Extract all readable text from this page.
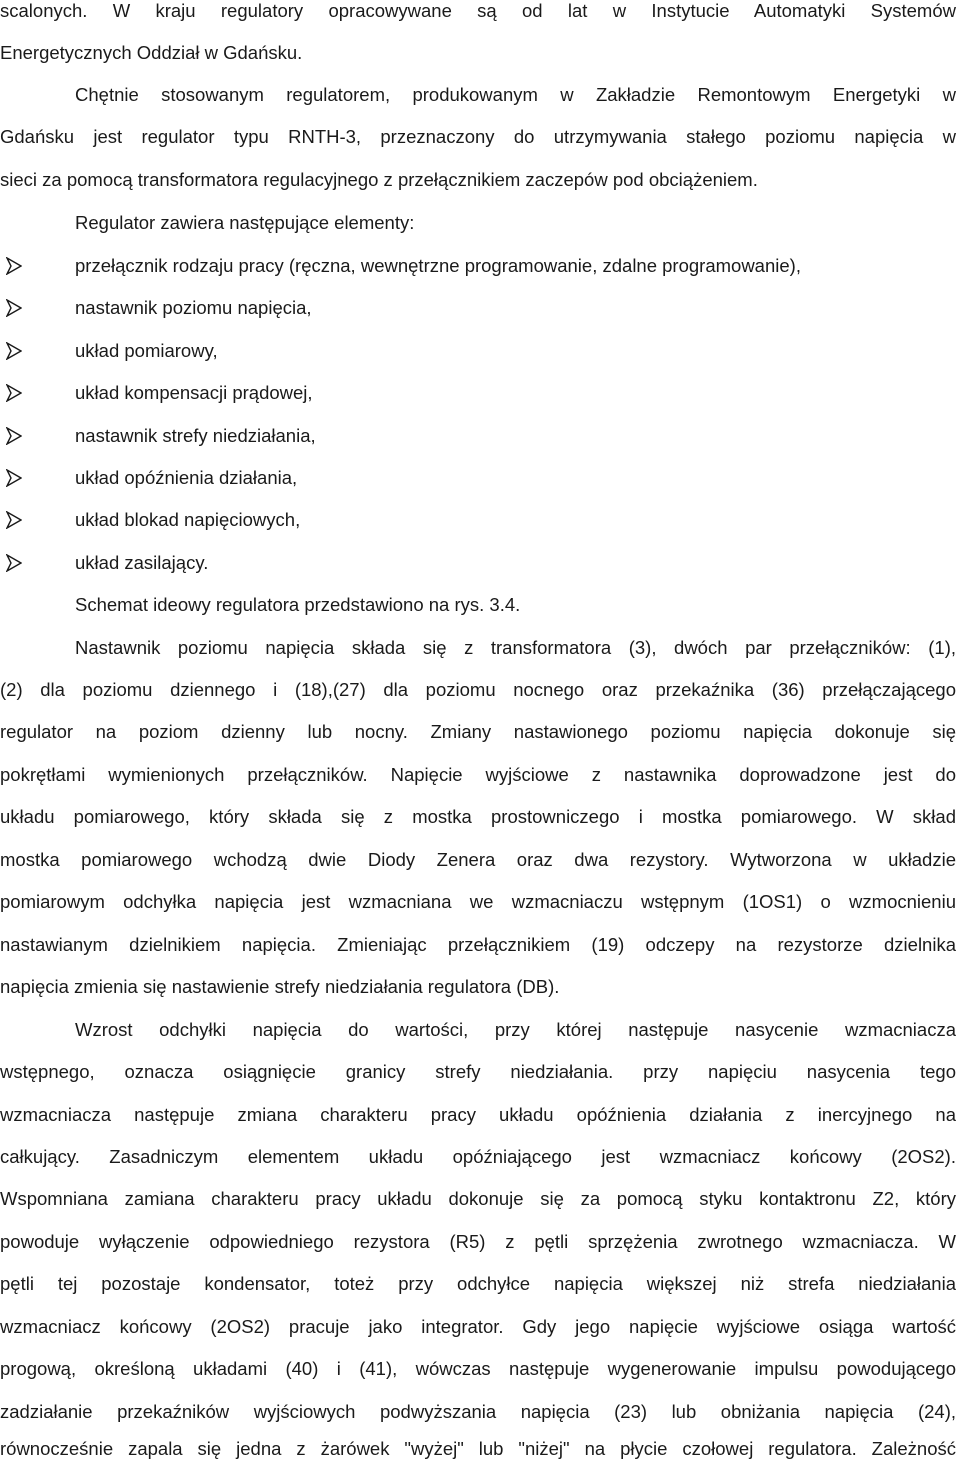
scalonych. W kraju regulatory opracowywane są od lat w Instytucie Automatyki Systemów
Energetycznych Oddział w Gdańsku.
Chętnie stosowanym regulatorem, produkowanym w Zakładzie Remontowym Energetyki w
Gdańsku jest regulator typu RNTH-3, przeznaczony do utrzymywania stałego poziomu napięcia w
sieci za pomocą transformatora regulacyjnego z przełącznikiem zaczepów pod obciążeniem.
Regulator zawiera następujące elementy:
przełącznik rodzaju pracy (ręczna, wewnętrzne programowanie, zdalne programowanie),
nastawnik poziomu napięcia,
układ pomiarowy,
układ kompensacji prądowej,
nastawnik strefy niedziałania,
układ opóźnienia działania,
układ blokad napięciowych,
układ zasilający.
Schemat ideowy regulatora przedstawiono na rys. 3.4.
Nastawnik poziomu napięcia składa się z transformatora (3), dwóch par przełączników: (1),
(2) dla poziomu dziennego i (18),(27) dla poziomu nocnego oraz przekaźnika (36) przełączającego
regulator na poziom dzienny lub nocny. Zmiany nastawionego poziomu napięcia dokonuje się
pokrętłami wymienionych przełączników. Napięcie wyjściowe z nastawnika doprowadzone jest do
układu pomiarowego, który składa się z mostka prostowniczego i mostka pomiarowego. W skład
mostka pomiarowego wchodzą dwie Diody Zenera oraz dwa rezystory. Wytworzona w układzie
pomiarowym odchyłka napięcia jest wzmacniana we wzmacniaczu wstępnym (1OS1) o wzmocnieniu
nastawianym dzielnikiem napięcia. Zmieniając przełącznikiem (19) odczepy na rezystorze dzielnika
napięcia zmienia się nastawienie strefy niedziałania regulatora (DB).
Wzrost odchyłki napięcia do wartości, przy której następuje nasycenie wzmacniacza
wstępnego, oznacza osiągnięcie granicy strefy niedziałania. przy napięciu nasycenia tego
wzmacniacza następuje zmiana charakteru pracy układu opóźnienia działania z inercyjnego na
całkujący. Zasadniczym elementem układu opóźniającego jest wzmacniacz końcowy (2OS2).
Wspomniana zamiana charakteru pracy układu dokonuje się za pomocą styku kontaktronu Z2, który
powoduje wyłączenie odpowiedniego rezystora (R5) z pętli sprzężenia zwrotnego wzmacniacza. W
pętli tej pozostaje kondensator, toteż przy odchyłce napięcia większej niż strefa niedziałania
wzmacniacz końcowy (2OS2) pracuje jako integrator. Gdy jego napięcie wyjściowe osiąga wartość
progową, określoną układami (40) i (41), wówczas następuje wygenerowanie impulsu powodującego
zadziałanie przekaźników wyjściowych podwyższania napięcia (23) lub obniżania napięcia (24),
równocześnie zapala się jedna z żarówek "wyżej" lub "niżej" na płycie czołowej regulatora. Zależność
